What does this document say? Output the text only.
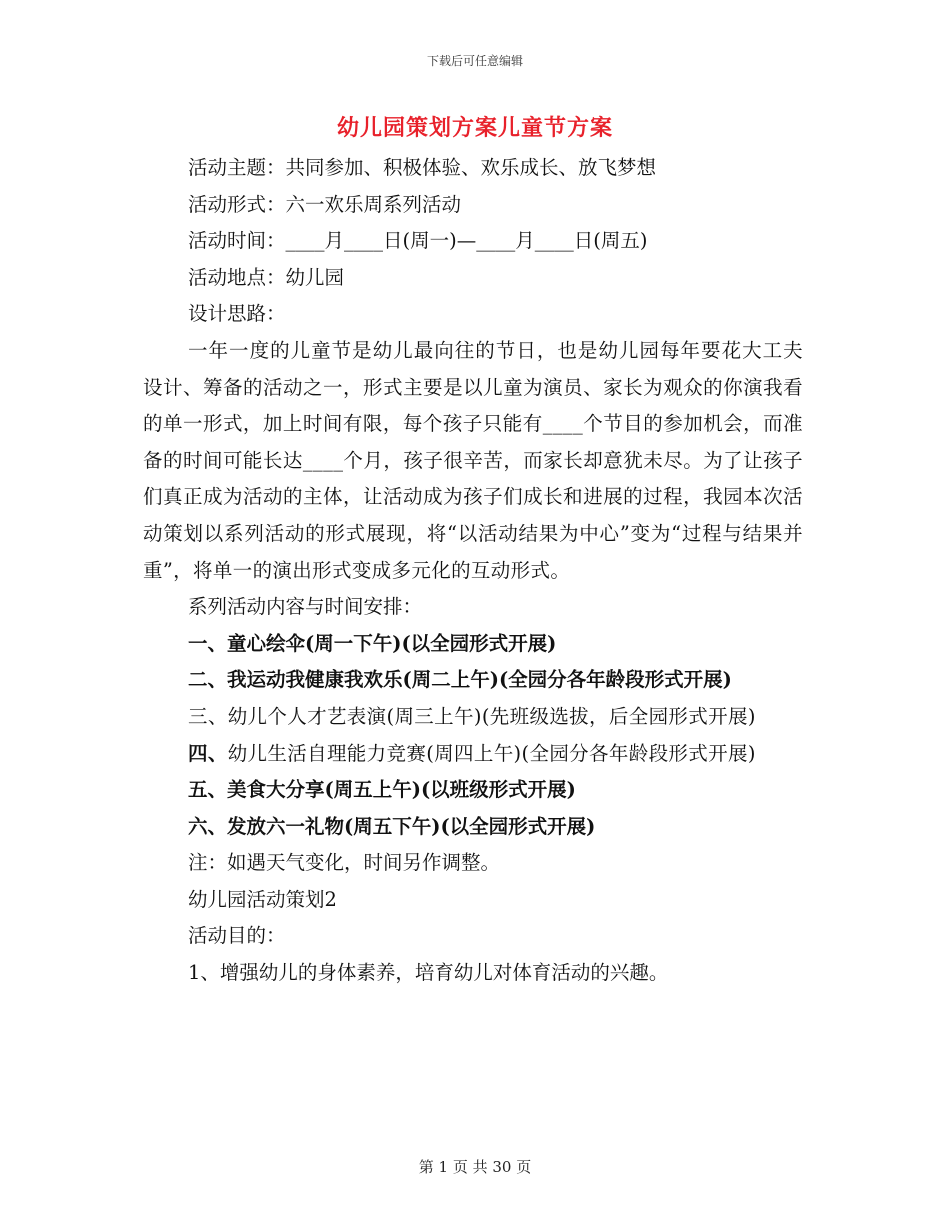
下载后可任意编辑
幼儿园策划方案儿童节方案
活动主题：共同参加、积极体验、欢乐成长、放飞梦想
活动形式：六一欢乐周系列活动
活动时间：____月____日(周一)—____月____日(周五)
活动地点：幼儿园
设计思路：
一年一度的儿童节是幼儿最向往的节日，也是幼儿园每年要花大工夫设计、筹备的活动之一，形式主要是以儿童为演员、家长为观众的你演我看的单一形式，加上时间有限，每个孩子只能有____个节目的参加机会，而准备的时间可能长达____个月，孩子很辛苦，而家长却意犹未尽。为了让孩子们真正成为活动的主体，让活动成为孩子们成长和进展的过程，我园本次活动策划以系列活动的形式展现，将“以活动结果为中心”变为“过程与结果并重”，将单一的演出形式变成多元化的互动形式。
系列活动内容与时间安排：
一、童心绘伞(周一下午)(以全园形式开展)
二、我运动我健康我欢乐(周二上午)(全园分各年龄段形式开展)
三、幼儿个人才艺表演(周三上午)(先班级选拔，后全园形式开展)
四、幼儿生活自理能力竞赛(周四上午)(全园分各年龄段形式开展)
五、美食大分享(周五上午)(以班级形式开展)
六、发放六一礼物(周五下午)(以全园形式开展)
注：如遇天气变化，时间另作调整。
幼儿园活动策划2
活动目的：
1、增强幼儿的身体素养，培育幼儿对体育活动的兴趣。
第 1 页 共 30 页
